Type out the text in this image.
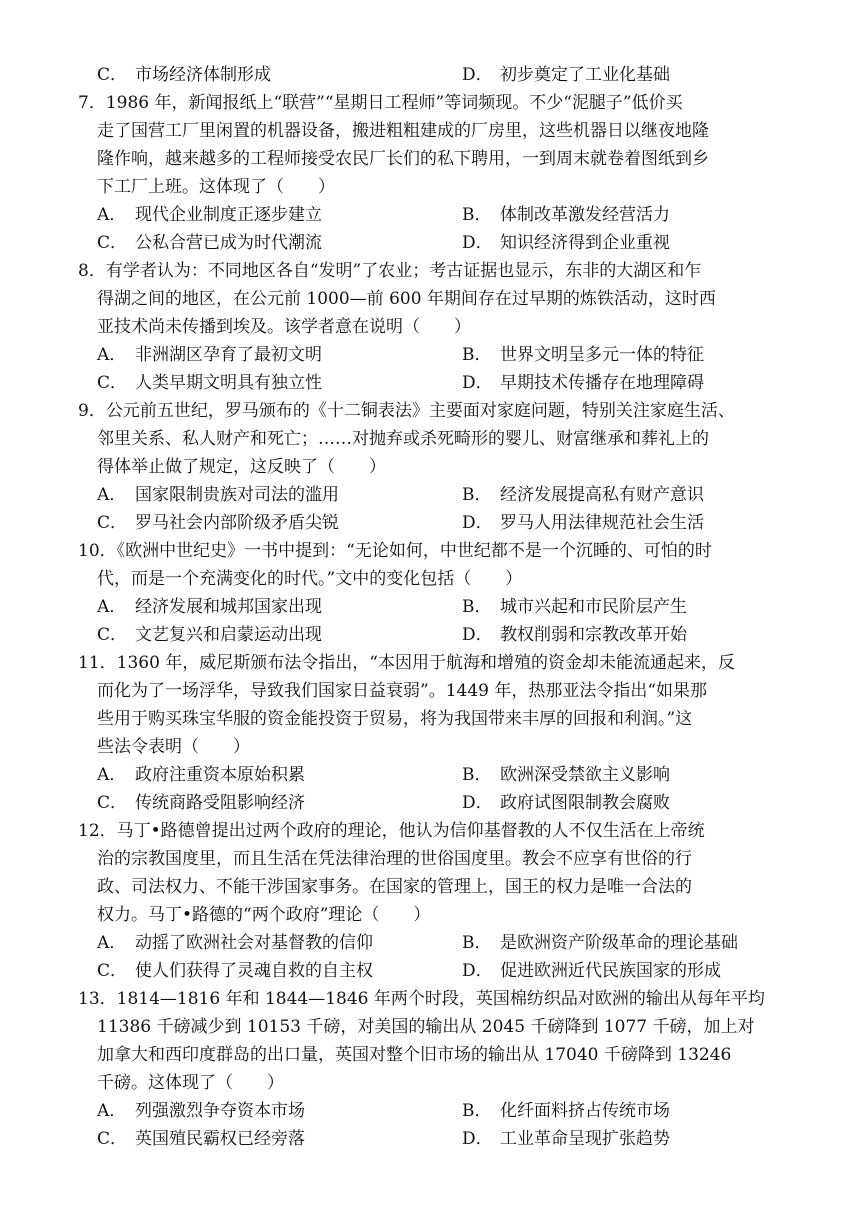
C． 市场经济体制形成	D． 初步奠定了工业化基础
7．1986 年，新闻报纸上“联营”“星期日工程师”等词频现。不少“泥腿子”低价买
走了国营工厂里闲置的机器设备，搬进粗粗建成的厂房里，这些机器日以继夜地隆
隆作响，越来越多的工程师接受农民厂长们的私下聘用，一到周末就卷着图纸到乡
下工厂上班。这体现了（　　）
A． 现代企业制度正逐步建立	B． 体制改革激发经营活力
C． 公私合营已成为时代潮流	D． 知识经济得到企业重视
8．有学者认为：不同地区各自“发明”了农业；考古证据也显示，东非的大湖区和乍
得湖之间的地区，在公元前 1000—前 600 年期间存在过早期的炼铁活动，这时西
亚技术尚未传播到埃及。该学者意在说明（　　）
A． 非洲湖区孕育了最初文明	B． 世界文明呈多元一体的特征
C． 人类早期文明具有独立性	D． 早期技术传播存在地理障碍
9．公元前五世纪，罗马颁布的《十二铜表法》主要面对家庭问题，特别关注家庭生活、
邻里关系、私人财产和死亡；……对抛弃或杀死畸形的婴儿、财富继承和葬礼上的
得体举止做了规定，这反映了（　　）
A． 国家限制贵族对司法的滥用	B． 经济发展提高私有财产意识
C． 罗马社会内部阶级矛盾尖锐	D． 罗马人用法律规范社会生活
10．《欧洲中世纪史》一书中提到：“无论如何，中世纪都不是一个沉睡的、可怕的时
代，而是一个充满变化的时代。”文中的变化包括（　　）
A． 经济发展和城邦国家出现	B． 城市兴起和市民阶层产生
C． 文艺复兴和启蒙运动出现	D． 教权削弱和宗教改革开始
11．1360 年，威尼斯颁布法令指出，“本因用于航海和增殖的资金却未能流通起来，反
而化为了一场浮华，导致我们国家日益衰弱”。1449 年，热那亚法令指出“如果那
些用于购买珠宝华服的资金能投资于贸易，将为我国带来丰厚的回报和利润。”这
些法令表明（　　）
A． 政府注重资本原始积累	B． 欧洲深受禁欲主义影响
C． 传统商路受阻影响经济	D． 政府试图限制教会腐败
12．马丁•路德曾提出过两个政府的理论，他认为信仰基督教的人不仅生活在上帝统
治的宗教国度里，而且生活在凭法律治理的世俗国度里。教会不应享有世俗的行
政、司法权力、不能干涉国家事务。在国家的管理上，国王的权力是唯一合法的
权力。马丁•路德的“两个政府”理论（　　）
A． 动摇了欧洲社会对基督教的信仰	B． 是欧洲资产阶级革命的理论基础
C． 使人们获得了灵魂自救的自主权	D． 促进欧洲近代民族国家的形成
13．1814—1816 年和 1844—1846 年两个时段，英国棉纺织品对欧洲的输出从每年平均
11386 千磅减少到 10153 千磅，对美国的输出从 2045 千磅降到 1077 千磅，加上对
加拿大和西印度群岛的出口量，英国对整个旧市场的输出从 17040 千磅降到 13246
千磅。这体现了（　　）
A． 列强激烈争夺资本市场	B． 化纤面料挤占传统市场
C． 英国殖民霸权已经旁落	D． 工业革命呈现扩张趋势
